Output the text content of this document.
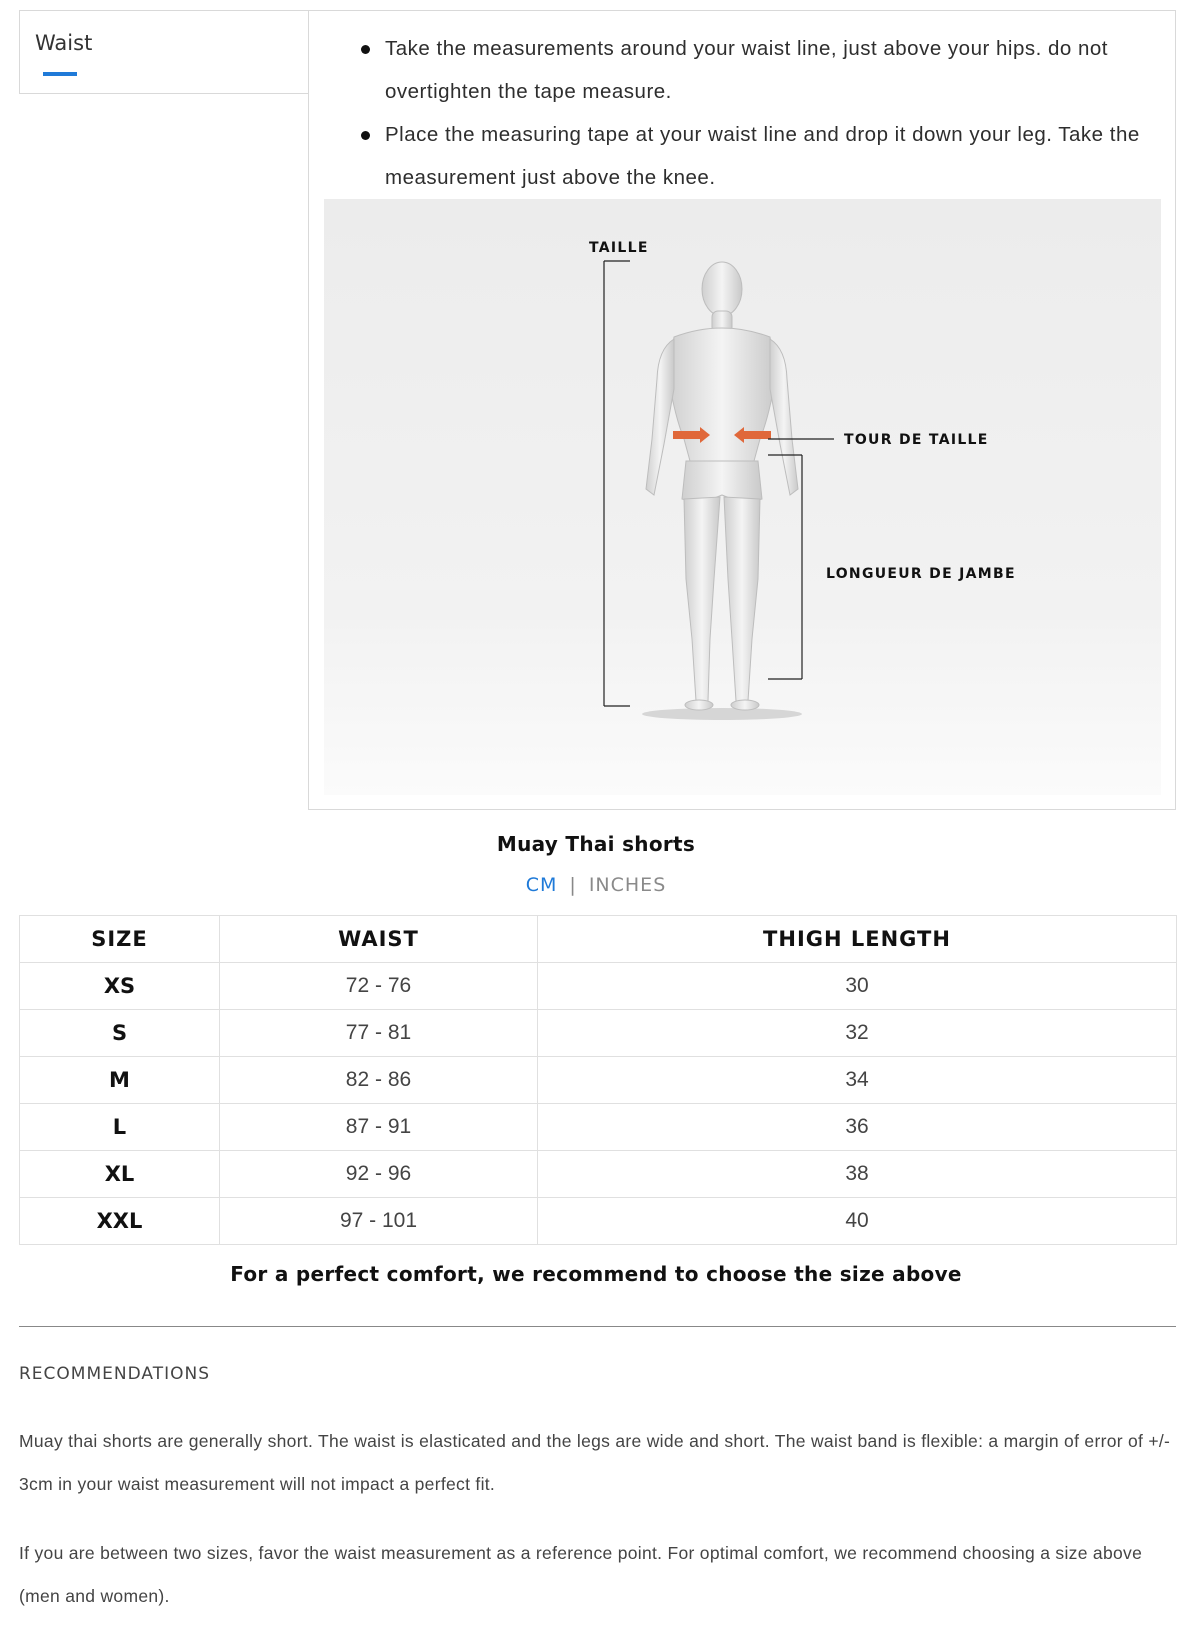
Waist	Take the measurements around your waist line, just above your hips. do not overtighten the tape measure.
Place the measuring tape at your waist line and drop it down your leg. Take the measurement just above the knee.
TAILLE
TOUR DE TAILLE
LONGUEUR DE JAMBE
Muay Thai shorts
CM | INCHES
SIZE	WAIST	THIGH LENGTH
XS	72 - 76	30
S	77 - 81	32
M	82 - 86	34
L	87 - 91	36
XL	92 - 96	38
XXL	97 - 101	40
For a perfect comfort, we recommend to choose the size above
RECOMMENDATIONS

Muay thai shorts are generally short. The waist is elasticated and the legs are wide and short. The waist band is flexible: a margin of error of +/- 3cm in your waist measurement will not impact a perfect fit.

If you are between two sizes, favor the waist measurement as a reference point. For optimal comfort, we recommend choosing a size above (men and women).
